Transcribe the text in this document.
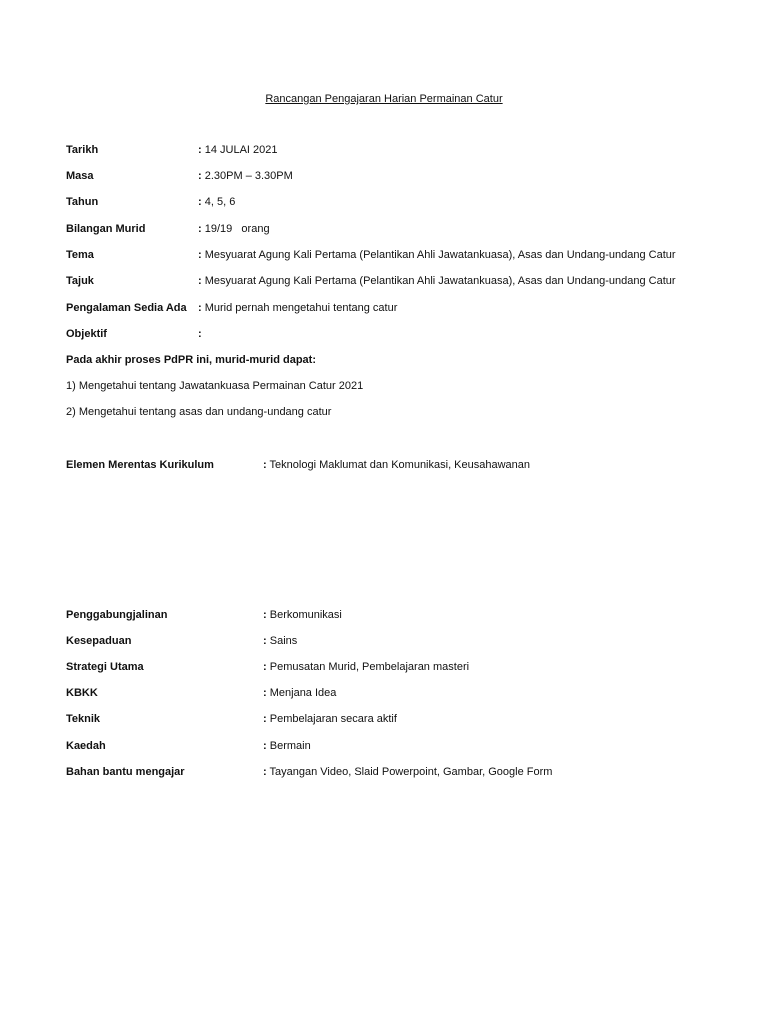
Rancangan Pengajaran Harian Permainan Catur
Tarikh	: 14 JULAI 2021
Masa	: 2.30PM – 3.30PM
Tahun	: 4, 5, 6
Bilangan Murid	: 19/19   orang
Tema	: Mesyuarat Agung Kali Pertama (Pelantikan Ahli Jawatankuasa), Asas dan Undang-undang Catur
Tajuk	: Mesyuarat Agung Kali Pertama (Pelantikan Ahli Jawatankuasa), Asas dan Undang-undang Catur
Pengalaman Sedia Ada : Murid pernah mengetahui tentang catur
Objektif	:
Pada akhir proses PdPR ini, murid-murid dapat:
1) Mengetahui tentang Jawatankuasa Permainan Catur 2021
2) Mengetahui tentang asas dan undang-undang catur
Elemen Merentas Kurikulum	: Teknologi Maklumat dan Komunikasi, Keusahawanan
Penggabungjalinan	: Berkomunikasi
Kesepaduan	: Sains
Strategi Utama	: Pemusatan Murid, Pembelajaran masteri
KBKK	: Menjana Idea
Teknik	: Pembelajaran secara aktif
Kaedah	: Bermain
Bahan bantu mengajar	: Tayangan Video, Slaid Powerpoint, Gambar, Google Form
